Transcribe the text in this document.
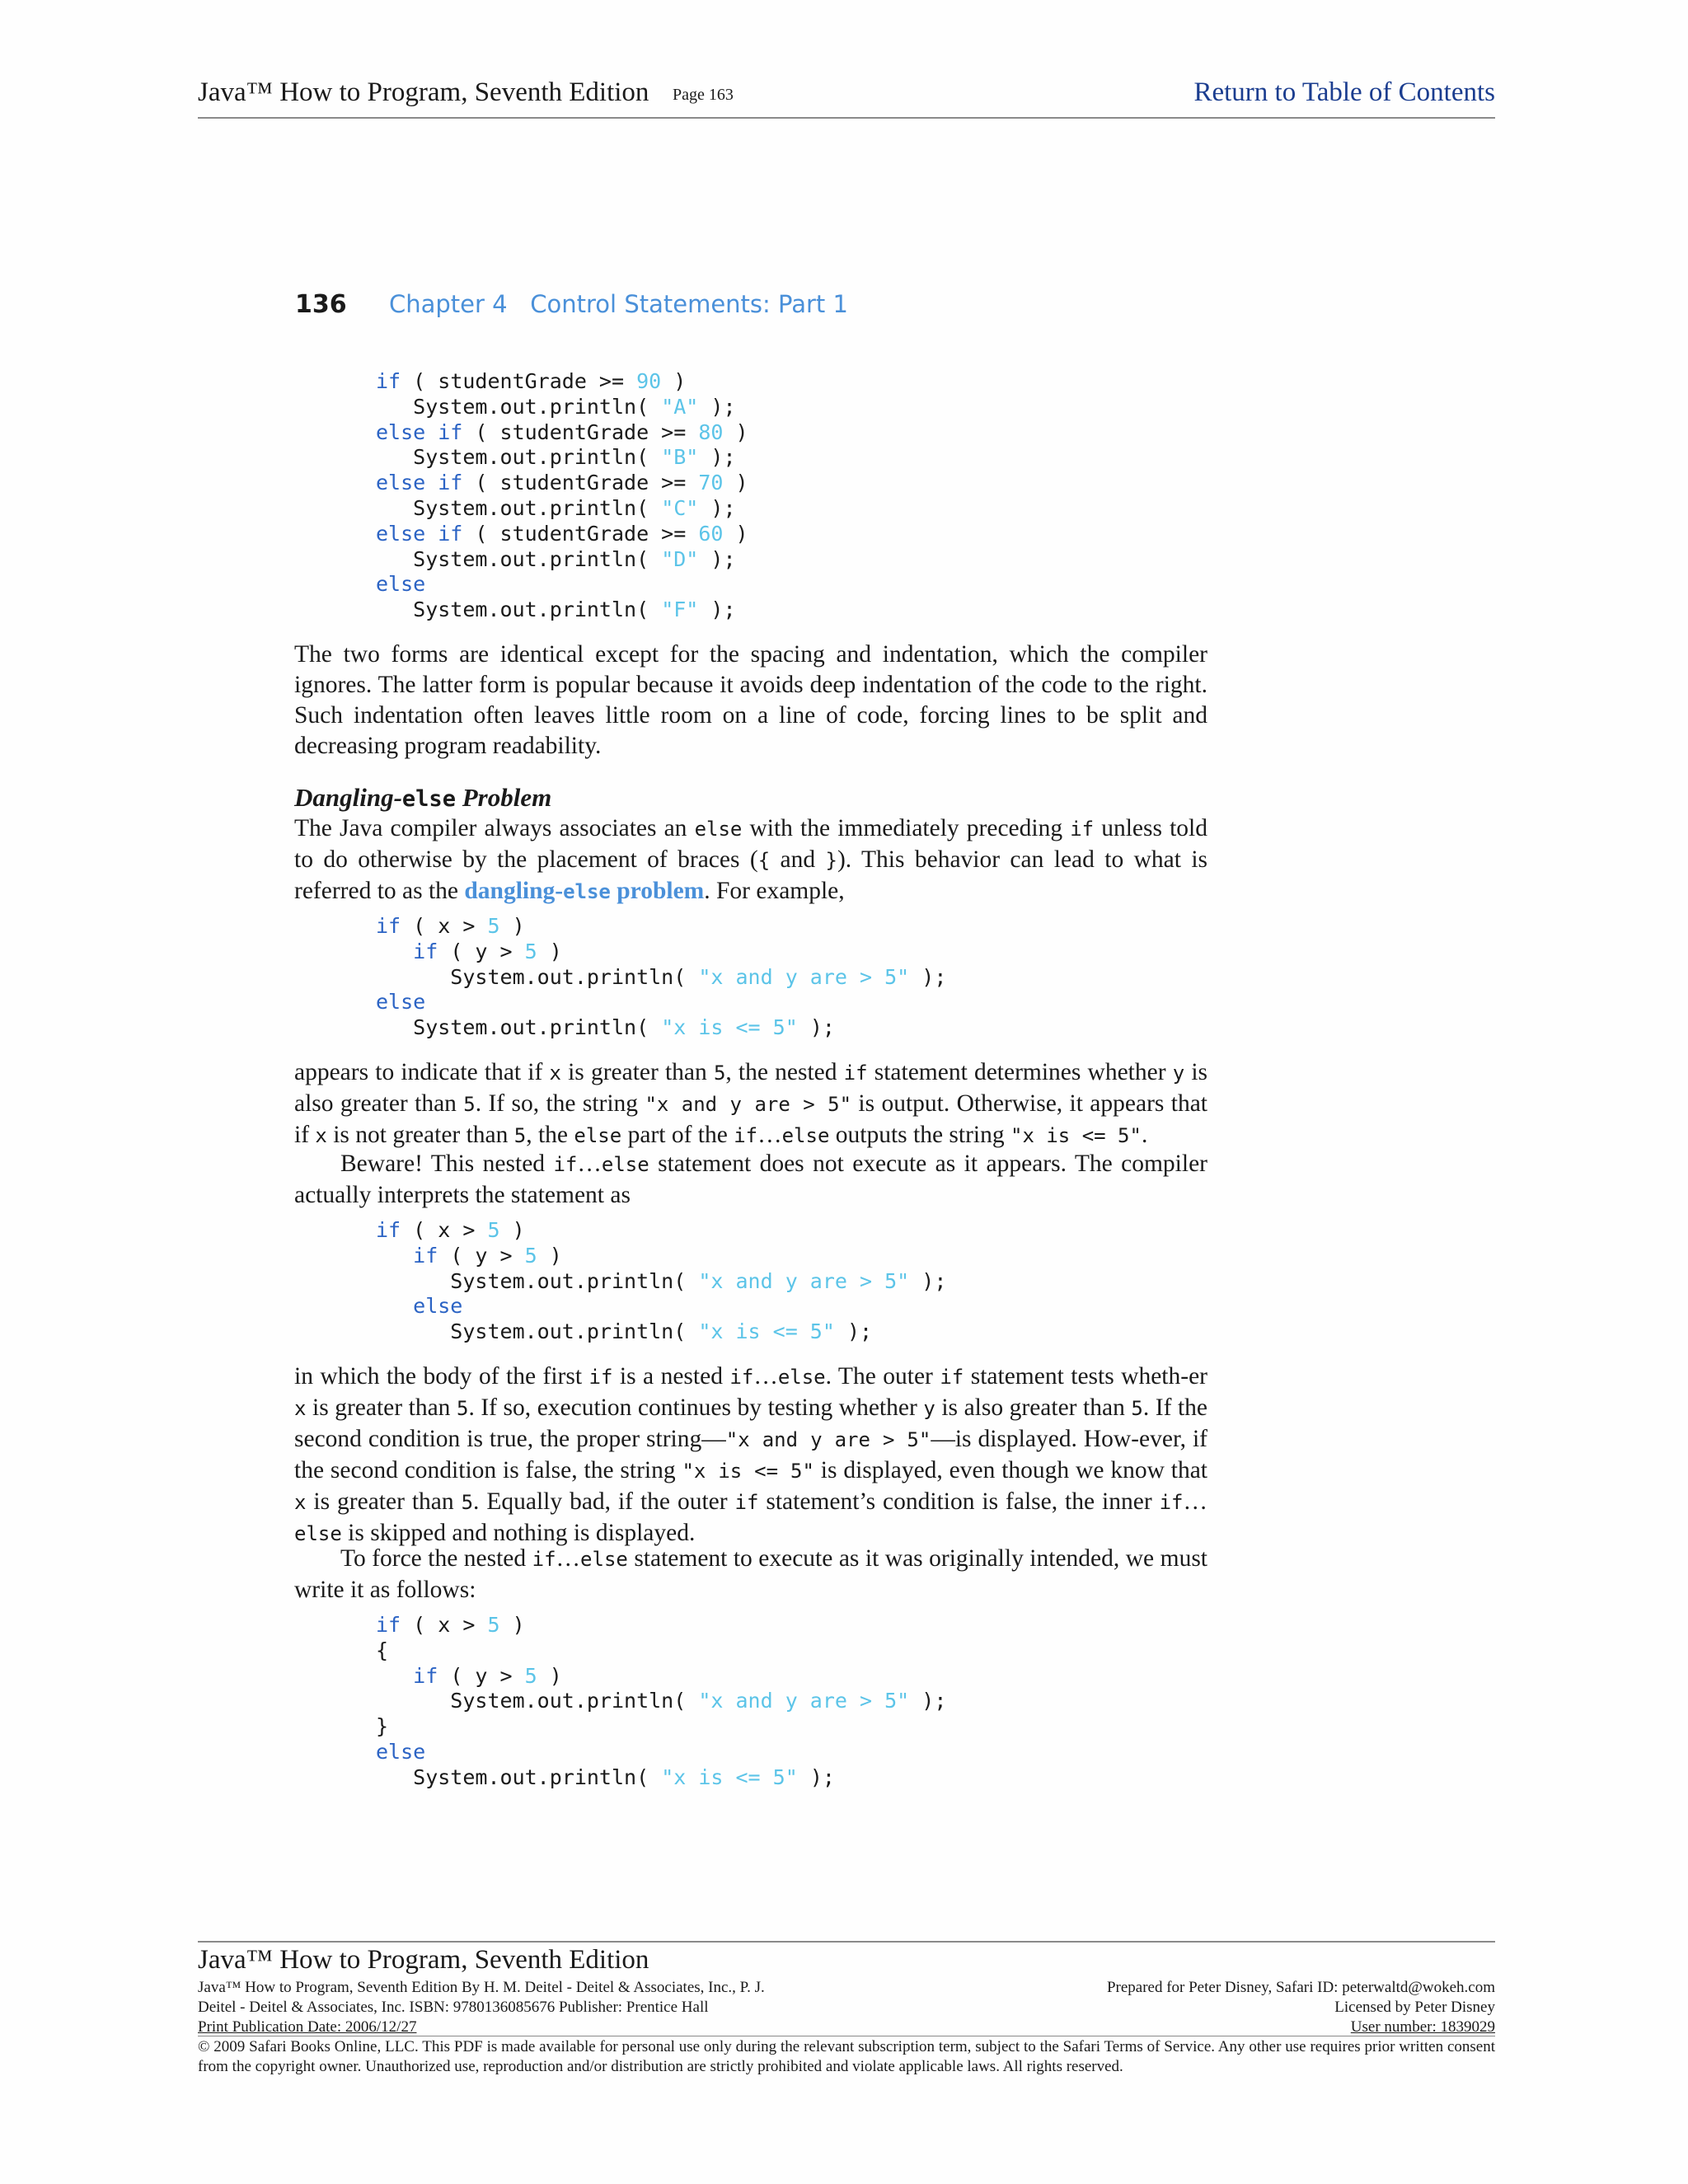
Java™ How to Program, Seventh Edition Page 163	Return to Table of Contents
136 Chapter 4 Control Statements: Part 1
if ( studentGrade >= 90 )
System.out.println( "A" );
else if ( studentGrade >= 80 )
System.out.println( "B" );
else if ( studentGrade >= 70 )
System.out.println( "C" );
else if ( studentGrade >= 60 )
System.out.println( "D" );
else
System.out.println( "F" );

The two forms are identical except for the spacing and indentation, which the compiler ignores. The latter form is popular because it avoids deep indentation of the code to the right. Such indentation often leaves little room on a line of code, forcing lines to be split and decreasing program readability.

Dangling-else Problem

The Java compiler always associates an else with the immediately preceding if unless told to do otherwise by the placement of braces ({ and }). This behavior can lead to what is referred to as the dangling-else problem. For example,

if ( x > 5 )
if ( y > 5 )
System.out.println( "x and y are > 5" );
else
System.out.println( "x is <= 5" );

appears to indicate that if x is greater than 5, the nested if statement determines whether y is also greater than 5. If so, the string "x and y are > 5" is output. Otherwise, it appears that if x is not greater than 5, the else part of the if…else outputs the string "x is <= 5".

Beware! This nested if…else statement does not execute as it appears. The compiler actually interprets the statement as

if ( x > 5 )
if ( y > 5 )
System.out.println( "x and y are > 5" );
else
System.out.println( "x is <= 5" );

in which the body of the first if is a nested if…else. The outer if statement tests wheth-er x is greater than 5. If so, execution continues by testing whether y is also greater than 5. If the second condition is true, the proper string—"x and y are > 5"—is displayed. How-ever, if the second condition is false, the string "x is <= 5" is displayed, even though we know that x is greater than 5. Equally bad, if the outer if statement’s condition is false, the inner if…else is skipped and nothing is displayed.

To force the nested if…else statement to execute as it was originally intended, we must write it as follows:

if ( x > 5 )
{
if ( y > 5 )
System.out.println( "x and y are > 5" );
}
else
System.out.println( "x is <= 5" );
Java™ How to Program, Seventh Edition
Java™ How to Program, Seventh Edition By H. M. Deitel - Deitel & Associates, Inc., P. J.
Deitel - Deitel & Associates, Inc. ISBN: 9780136085676 Publisher: Prentice Hall
Print Publication Date: 2006/12/27
Prepared for Peter Disney, Safari ID: peterwaltd@wokeh.com
Licensed by Peter Disney
User number: 1839029
© 2009 Safari Books Online, LLC. This PDF is made available for personal use only during the relevant subscription term, subject to the Safari Terms of Service. Any other use requires prior written consent from the copyright owner. Unauthorized use, reproduction and/or distribution are strictly prohibited and violate applicable laws. All rights reserved.
